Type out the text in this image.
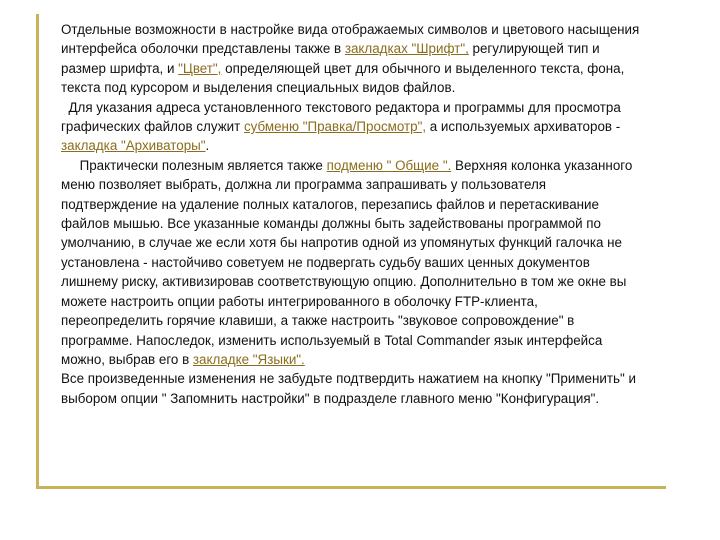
Отдельные возможности в настройке вида отображаемых символов и цветового насыщения интерфейса оболочки представлены также в закладках "Шрифт", регулирующей тип и размер шрифта, и "Цвет", определяющей цвет для обычного и выделенного текста, фона, текста под курсором и выделения специальных видов файлов.

Для указания адреса установленного текстового редактора и программы для просмотра графических файлов служит субменю "Правка/Просмотр", а используемых архиваторов - закладка "Архиваторы".

Практически полезным является также подменю " Общие ". Верхняя колонка указанного меню позволяет выбрать, должна ли программа запрашивать у пользователя подтверждение на удаление полных каталогов, перезапись файлов и перетаскивание файлов мышью. Все указанные команды должны быть задействованы программой по умолчанию, в случае же если хотя бы напротив одной из упомянутых функций галочка не установлена - настойчиво советуем не подвергать судьбу ваших ценных документов лишнему риску, активизировав соответствующую опцию. Дополнительно в том же окне вы можете настроить опции работы интегрированного в оболочку FTP-клиента, переопределить горячие клавиши, а также настроить "звуковое сопровождение" в программе. Напоследок, изменить используемый в Total Commander язык интерфейса можно, выбрав его в закладке "Языки".

Все произведенные изменения не забудьте подтвердить нажатием на кнопку "Применить" и выбором опции " Запомнить настройки" в подразделе главного меню "Конфигурация".
